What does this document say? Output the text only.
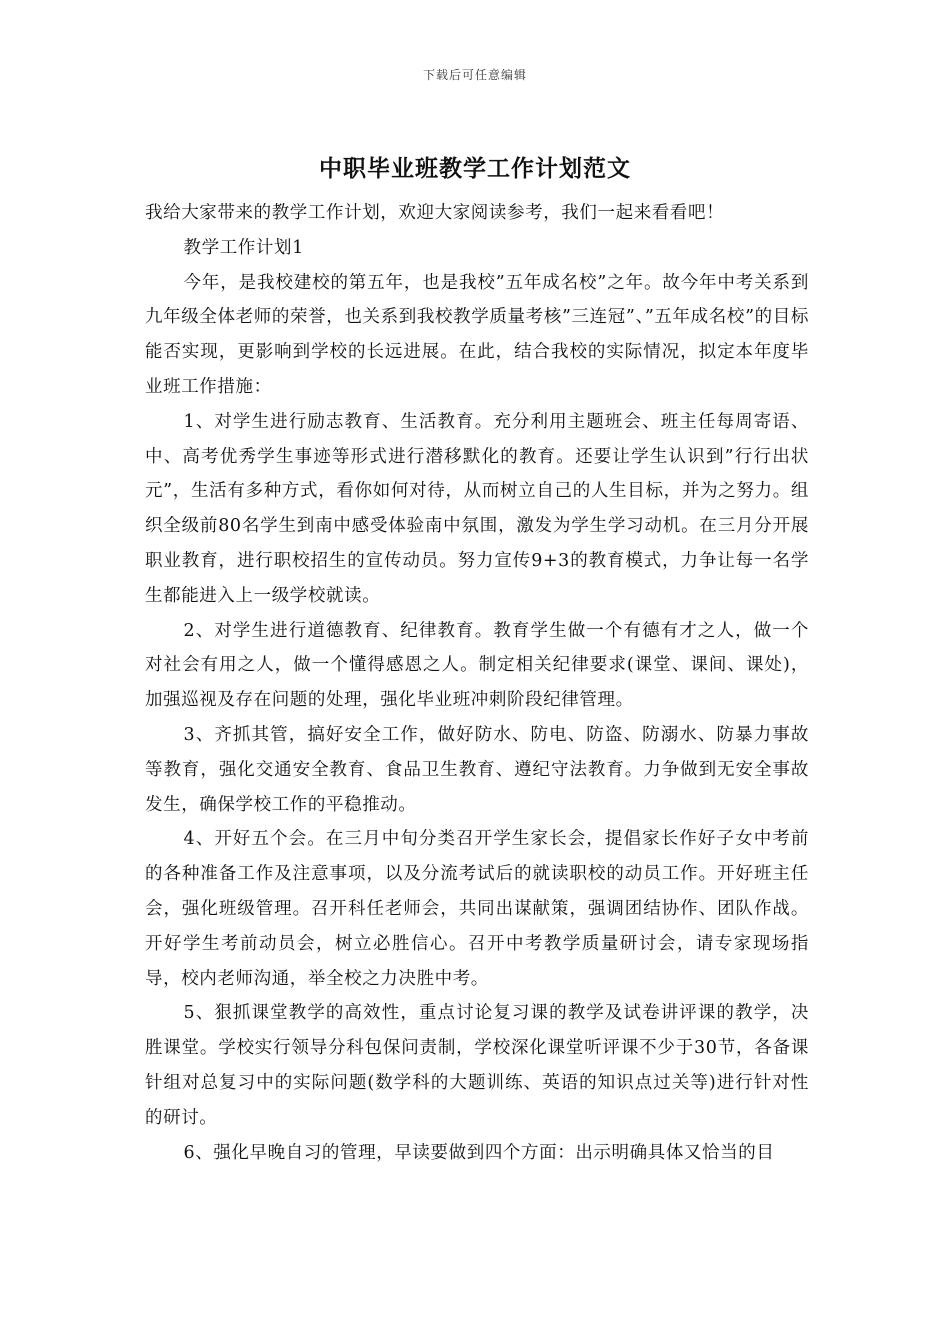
下载后可任意编辑
中职毕业班教学工作计划范文

我给大家带来的教学工作计划，欢迎大家阅读参考，我们一起来看看吧！

教学工作计划1

今年，是我校建校的第五年，也是我校”五年成名校”之年。故今年中考关系到九年级全体老师的荣誉，也关系到我校教学质量考核”三连冠”、”五年成名校”的目标能否实现，更影响到学校的长远进展。在此，结合我校的实际情况，拟定本年度毕业班工作措施：

1、对学生进行励志教育、生活教育。充分利用主题班会、班主任每周寄语、中、高考优秀学生事迹等形式进行潜移默化的教育。还要让学生认识到”行行出状元”，生活有多种方式，看你如何对待，从而树立自己的人生目标，并为之努力。组织全级前80名学生到南中感受体验南中氛围，激发为学生学习动机。在三月分开展职业教育，进行职校招生的宣传动员。努力宣传9+3的教育模式，力争让每一名学生都能进入上一级学校就读。

2、对学生进行道德教育、纪律教育。教育学生做一个有德有才之人，做一个对社会有用之人，做一个懂得感恩之人。制定相关纪律要求(课堂、课间、课处)，加强巡视及存在问题的处理，强化毕业班冲刺阶段纪律管理。

3、齐抓其管，搞好安全工作，做好防水、防电、防盗、防溺水、防暴力事故等教育，强化交通安全教育、食品卫生教育、遵纪守法教育。力争做到无安全事故发生，确保学校工作的平稳推动。

4、开好五个会。在三月中旬分类召开学生家长会，提倡家长作好子女中考前的各种准备工作及注意事项，以及分流考试后的就读职校的动员工作。开好班主任会，强化班级管理。召开科任老师会，共同出谋献策，强调团结协作、团队作战。开好学生考前动员会，树立必胜信心。召开中考教学质量研讨会，请专家现场指导，校内老师沟通，举全校之力决胜中考。

5、狠抓课堂教学的高效性，重点讨论复习课的教学及试卷讲评课的教学，决胜课堂。学校实行领导分科包保问责制，学校深化课堂听评课不少于30节，各备课针组对总复习中的实际问题(数学科的大题训练、英语的知识点过关等)进行针对性的研讨。

6、强化早晚自习的管理，早读要做到四个方面：出示明确具体又恰当的目
